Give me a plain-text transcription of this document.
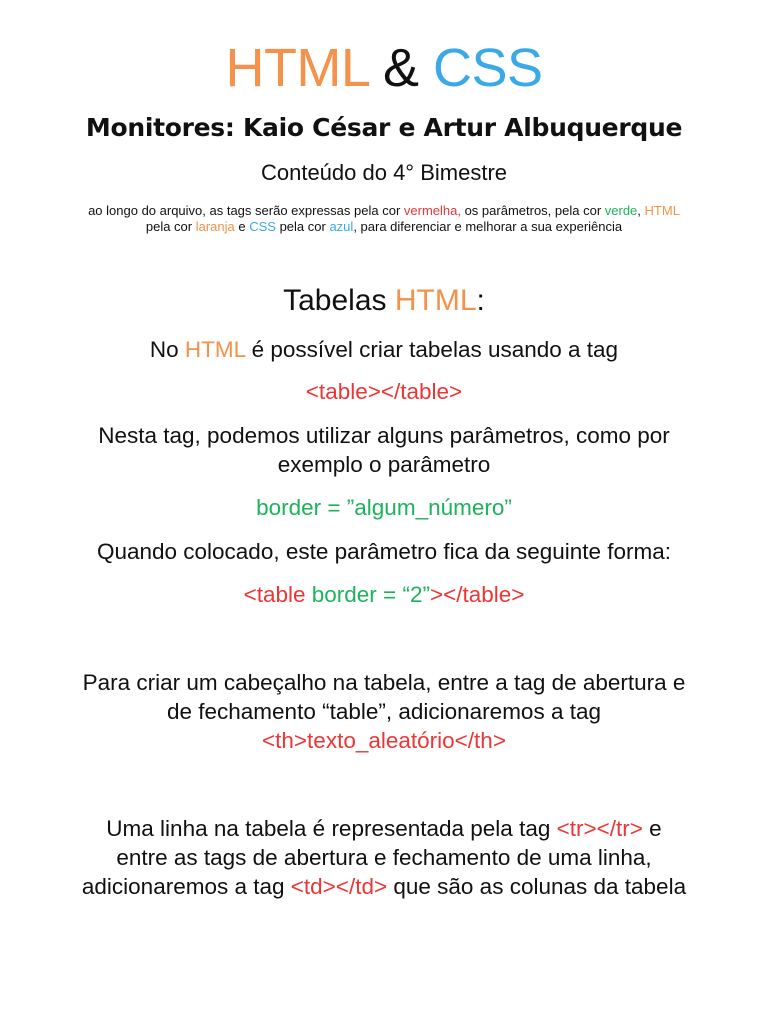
HTML & CSS
Monitores: Kaio César e Artur Albuquerque
Conteúdo do 4° Bimestre
ao longo do arquivo, as tags serão expressas pela cor vermelha, os parâmetros, pela cor verde, HTML
pela cor laranja e CSS pela cor azul, para diferenciar e melhorar a sua experiência
Tabelas HTML:
No HTML é possível criar tabelas usando a tag
<table></table>
Nesta tag, podemos utilizar alguns parâmetros, como por
exemplo o parâmetro
border = ”algum_número”
Quando colocado, este parâmetro fica da seguinte forma:
<table border = “2”></table>
Para criar um cabeçalho na tabela, entre a tag de abertura e
de fechamento “table”, adicionaremos a tag
<th>texto_aleatório</th>
Uma linha na tabela é representada pela tag <tr></tr> e
entre as tags de abertura e fechamento de uma linha,
adicionaremos a tag <td></td> que são as colunas da tabela
